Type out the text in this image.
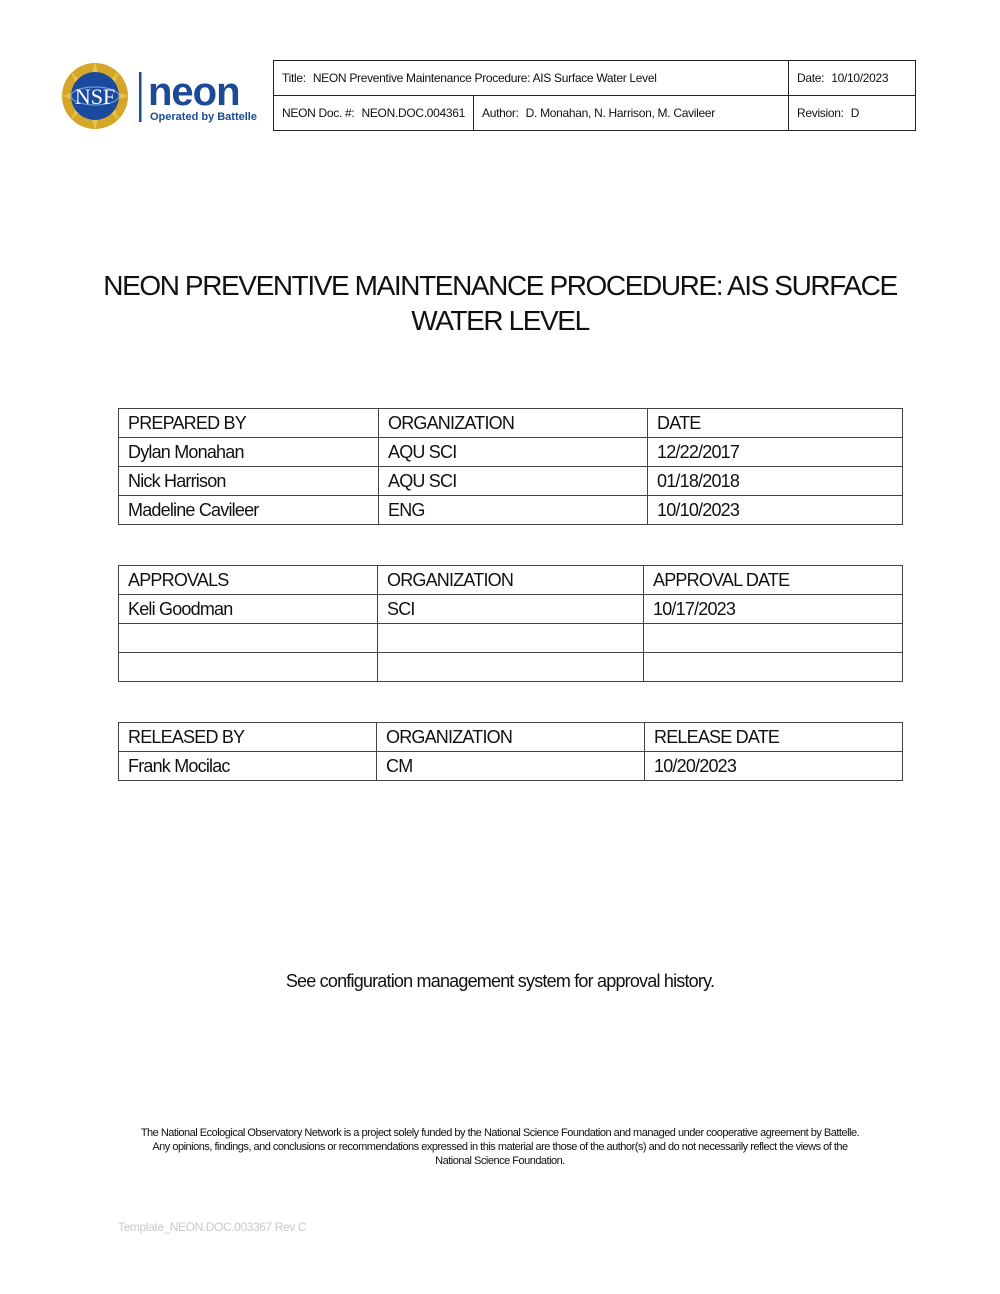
NSF neon
Operated by Battelle
Title: NEON Preventive Maintenance Procedure: AIS Surface Water Level		Date: 10/10/2023
NEON Doc. #: NEON.DOC.004361	Author: D. Monahan, N. Harrison, M. Cavileer	Revision: D
NEON PREVENTIVE MAINTENANCE PROCEDURE: AIS SURFACE
WATER LEVEL
PREPARED BY	ORGANIZATION	DATE
Dylan Monahan	AQU SCI	12/22/2017
Nick Harrison	AQU SCI	01/18/2018
Madeline Cavileer	ENG	10/10/2023
APPROVALS	ORGANIZATION	APPROVAL DATE
Keli Goodman	SCI	10/17/2023

RELEASED BY	ORGANIZATION	RELEASE DATE
Frank Mocilac	CM	10/20/2023
See configuration management system for approval history.
The National Ecological Observatory Network is a project solely funded by the National Science Foundation and managed under cooperative agreement by Battelle.
Any opinions, findings, and conclusions or recommendations expressed in this material are those of the author(s) and do not necessarily reflect the views of the
National Science Foundation.
Template_NEON.DOC.003367 Rev C
